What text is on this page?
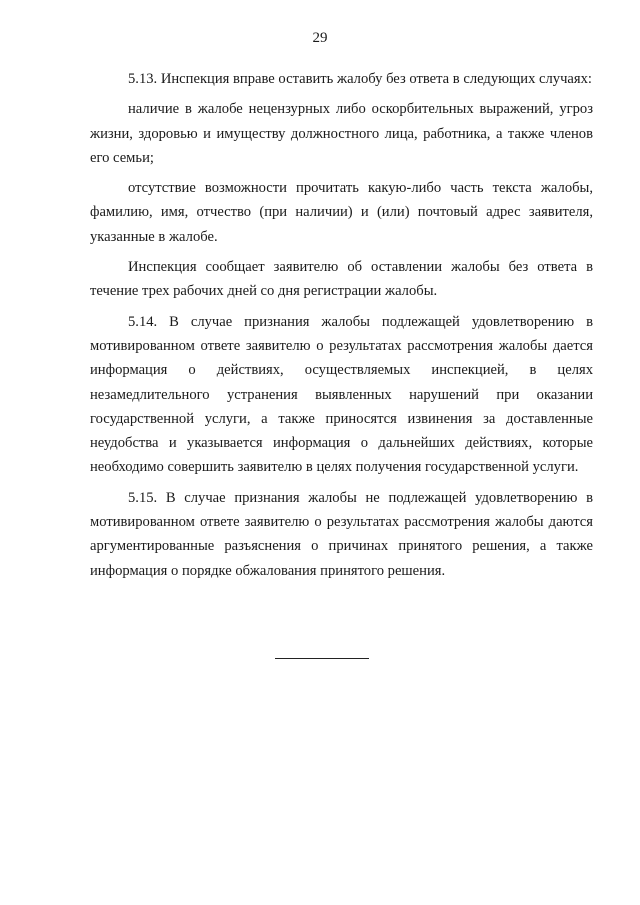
29

5.13. Инспекция вправе оставить жалобу без ответа в следующих случаях:

наличие в жалобе нецензурных либо оскорбительных выражений, угроз жизни, здоровью и имуществу должностного лица, работника, а также членов его семьи;

отсутствие возможности прочитать какую-либо часть текста жалобы, фамилию, имя, отчество (при наличии) и (или) почтовый адрес заявителя, указанные в жалобе.

Инспекция сообщает заявителю об оставлении жалобы без ответа в течение трех рабочих дней со дня регистрации жалобы.

5.14. В случае признания жалобы подлежащей удовлетворению в мотивированном ответе заявителю о результатах рассмотрения жалобы дается информация о действиях, осуществляемых инспекцией, в целях незамедлительного устранения выявленных нарушений при оказании государственной услуги, а также приносятся извинения за доставленные неудобства и указывается информация о дальнейших действиях, которые необходимо совершить заявителю в целях получения государственной услуги.

5.15. В случае признания жалобы не подлежащей удовлетворению в мотивированном ответе заявителю о результатах рассмотрения жалобы даются аргументированные разъяснения о причинах принятого решения, а также информация о порядке обжалования принятого решения.
